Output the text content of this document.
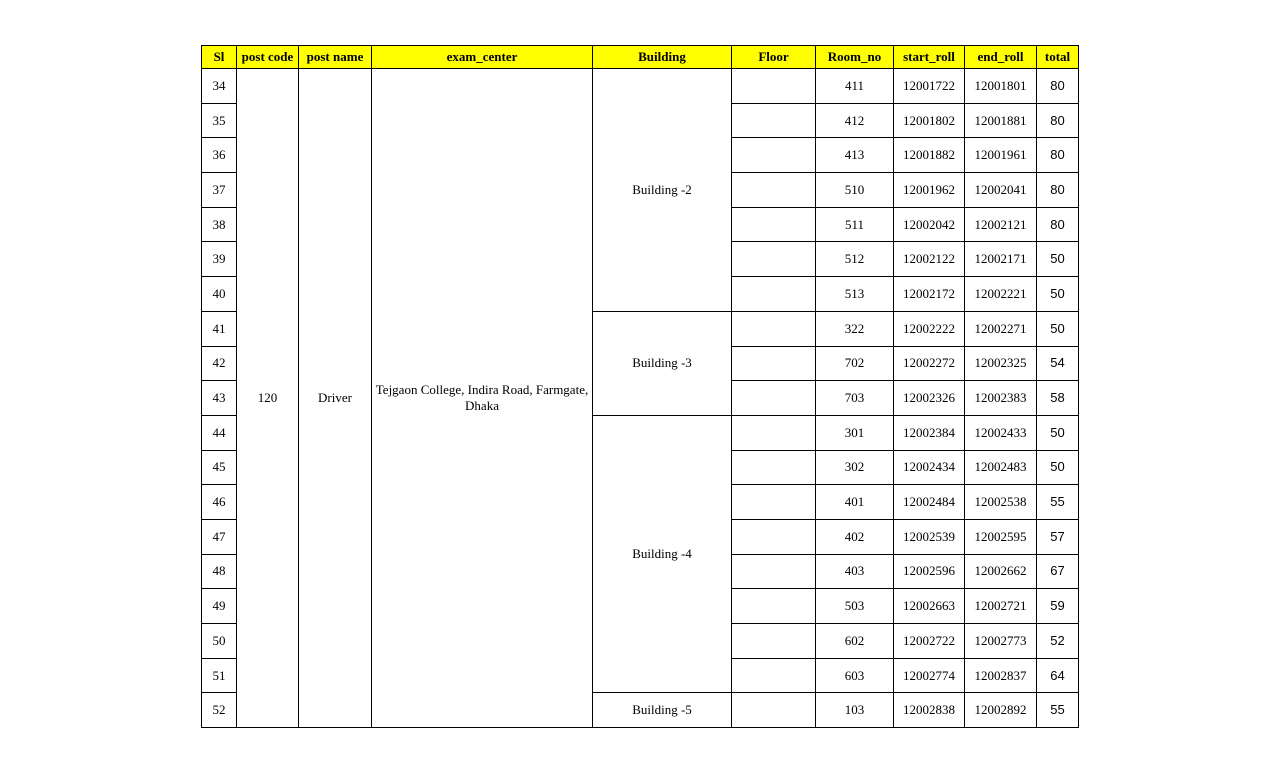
Sl	post code	post name	exam_center	Building	Floor	Room_no	start_roll	end_roll	total
34	120	Driver	Tejgaon College, Indira Road, Farmgate, Dhaka	Building -2		411	12001722	12001801	80
35						412	12001802	12001881	80
36						413	12001882	12001961	80
37						510	12001962	12002041	80
38						511	12002042	12002121	80
39						512	12002122	12002171	50
40						513	12002172	12002221	50
41				Building -3		322	12002222	12002271	50
42						702	12002272	12002325	54
43						703	12002326	12002383	58
44				Building -4		301	12002384	12002433	50
45						302	12002434	12002483	50
46						401	12002484	12002538	55
47						402	12002539	12002595	57
48						403	12002596	12002662	67
49						503	12002663	12002721	59
50						602	12002722	12002773	52
51						603	12002774	12002837	64
52				Building -5		103	12002838	12002892	55
